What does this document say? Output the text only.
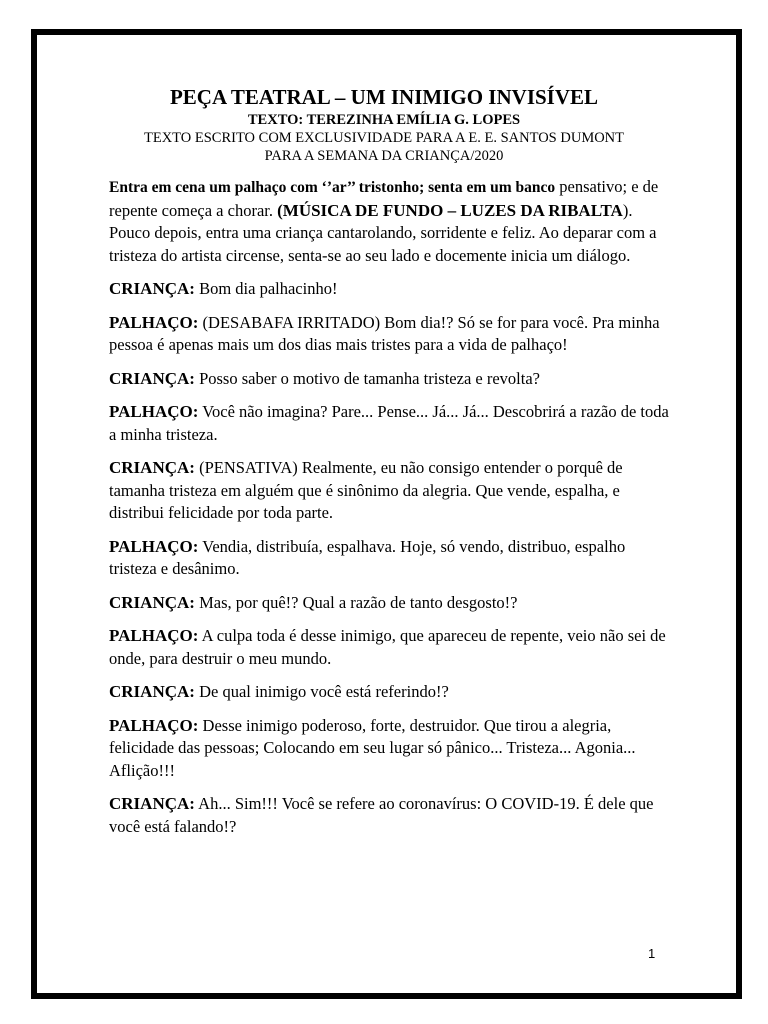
PEÇA TEATRAL – UM INIMIGO INVISÍVEL
TEXTO: TEREZINHA EMÍLIA G. LOPES
TEXTO ESCRITO COM EXCLUSIVIDADE PARA A E. E. SANTOS DUMONT
PARA A SEMANA DA CRIANÇA/2020

Entra em cena um palhaço com ‘’ar’’ tristonho; senta em um banco pensativo; e de repente começa a chorar. (MÚSICA DE FUNDO – LUZES DA RIBALTA). Pouco depois, entra uma criança cantarolando, sorridente e feliz. Ao deparar com a tristeza do artista circense, senta-se ao seu lado e docemente inicia um diálogo.

CRIANÇA: Bom dia palhacinho!

PALHAÇO: (DESABAFA IRRITADO) Bom dia!? Só se for para você. Pra minha pessoa é apenas mais um dos dias mais tristes para a vida de palhaço!

CRIANÇA: Posso saber o motivo de tamanha tristeza e revolta?

PALHAÇO: Você não imagina? Pare... Pense... Já... Já... Descobrirá a razão de toda a minha tristeza.

CRIANÇA: (PENSATIVA) Realmente, eu não consigo entender o porquê de tamanha tristeza em alguém que é sinônimo da alegria. Que vende, espalha, e distribui felicidade por toda parte.

PALHAÇO: Vendia, distribuía, espalhava. Hoje, só vendo, distribuo, espalho tristeza e desânimo.

CRIANÇA: Mas, por quê!? Qual a razão de tanto desgosto!?

PALHAÇO: A culpa toda é desse inimigo, que apareceu de repente, veio não sei de onde, para destruir o meu mundo.

CRIANÇA: De qual inimigo você está referindo!?

PALHAÇO: Desse inimigo poderoso, forte, destruidor. Que tirou a alegria, felicidade das pessoas; Colocando em seu lugar só pânico... Tristeza... Agonia... Aflição!!!

CRIANÇA: Ah... Sim!!! Você se refere ao coronavírus: O COVID-19. É dele que você está falando!?

1
